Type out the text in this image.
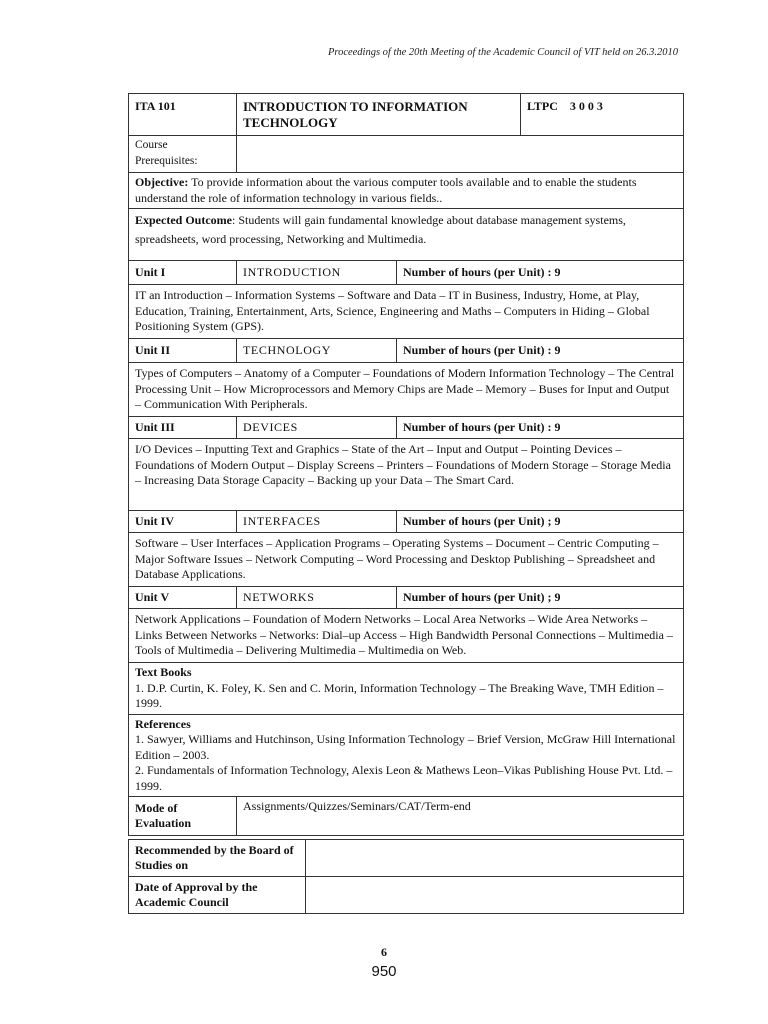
Proceedings of the 20th Meeting of the Academic Council of VIT held on 26.3.2010
ITA 101	INTRODUCTION TO INFORMATION TECHNOLOGY		LTPC 3 0 0 3
Course Prerequisites:			
Objective: To provide information about the various computer tools available and to enable the students understand the role of information technology in various fields..			
Expected Outcome: Students will gain fundamental knowledge about database management systems, spreadsheets, word processing, Networking and Multimedia.			
Unit I	INTRODUCTION	Number of hours (per Unit) : 9	
IT an Introduction – Information Systems – Software and Data – IT in Business, Industry, Home, at Play, Education, Training, Entertainment, Arts, Science, Engineering and Maths – Computers in Hiding – Global Positioning System (GPS).			
Unit II	TECHNOLOGY	Number of hours (per Unit) : 9	
Types of Computers – Anatomy of a Computer – Foundations of Modern Information Technology – The Central Processing Unit – How Microprocessors and Memory Chips are Made – Memory – Buses for Input and Output – Communication With Peripherals.			
Unit III	DEVICES	Number of hours (per Unit) : 9	
I/O Devices – Inputting Text and Graphics – State of the Art – Input and Output – Pointing Devices – Foundations of Modern Output – Display Screens – Printers – Foundations of Modern Storage – Storage Media – Increasing Data Storage Capacity – Backing up your Data – The Smart Card.			
Unit IV	INTERFACES	Number of hours (per Unit) ; 9	
Software – User Interfaces – Application Programs – Operating Systems – Document – Centric Computing – Major Software Issues – Network Computing – Word Processing and Desktop Publishing – Spreadsheet and Database Applications.			
Unit V	NETWORKS	Number of hours (per Unit) ; 9	
Network Applications – Foundation of Modern Networks – Local Area Networks – Wide Area Networks – Links Between Networks – Networks: Dial–up Access – High Bandwidth Personal Connections – Multimedia – Tools of Multimedia – Delivering Multimedia – Multimedia on Web.			

Text Books
1. D.P. Curtin, K. Foley, K. Sen and C. Morin, Information Technology – The Breaking Wave, TMH Edition – 1999.			

References
1. Sawyer, Williams and Hutchinson, Using Information Technology – Brief Version, McGraw Hill International Edition – 2003.
2. Fundamentals of Information Technology, Alexis Leon & Mathews Leon–Vikas Publishing House Pvt. Ltd. – 1999.			

Mode of Evaluation	Assignments/Quizzes/Seminars/CAT/Term-end		
Recommended by the Board of Studies on	
Date of Approval by the Academic Council	
6
950
